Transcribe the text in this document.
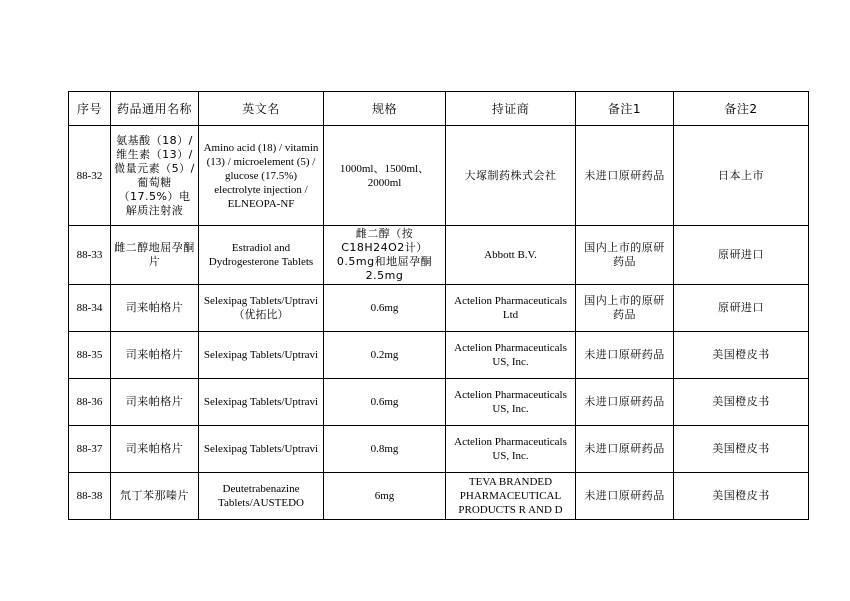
序号	药品通用名称	英文名	规格	持证商	备注1	备注2
88-32	氨基酸（18）/维生素（13）/微量元素（5）/葡萄糖（17.5%）电解质注射液	Amino acid (18) / vitamin (13) / microelement (5) / glucose (17.5%) electrolyte injection / ELNEOPA-NF	1000ml、1500ml、2000ml	大塚制药株式会社	未进口原研药品	日本上市
88-33	雌二醇地屈孕酮片	Estradiol and Dydrogesterone Tablets	雌二醇（按C18H24O2计）0.5mg和地屈孕酮2.5mg	Abbott B.V.	国内上市的原研药品	原研进口
88-34	司来帕格片	Selexipag Tablets/Uptravi（优拓比）	0.6mg	Actelion Pharmaceuticals Ltd	国内上市的原研药品	原研进口
88-35	司来帕格片	Selexipag Tablets/Uptravi	0.2mg	Actelion Pharmaceuticals US, Inc.	未进口原研药品	美国橙皮书
88-36	司来帕格片	Selexipag Tablets/Uptravi	0.6mg	Actelion Pharmaceuticals US, Inc.	未进口原研药品	美国橙皮书
88-37	司来帕格片	Selexipag Tablets/Uptravi	0.8mg	Actelion Pharmaceuticals US, Inc.	未进口原研药品	美国橙皮书
88-38	氘丁苯那嗪片	Deutetrabenazine Tablets/AUSTEDO	6mg	TEVA BRANDED PHARMACEUTICAL PRODUCTS R AND D	未进口原研药品	美国橙皮书
